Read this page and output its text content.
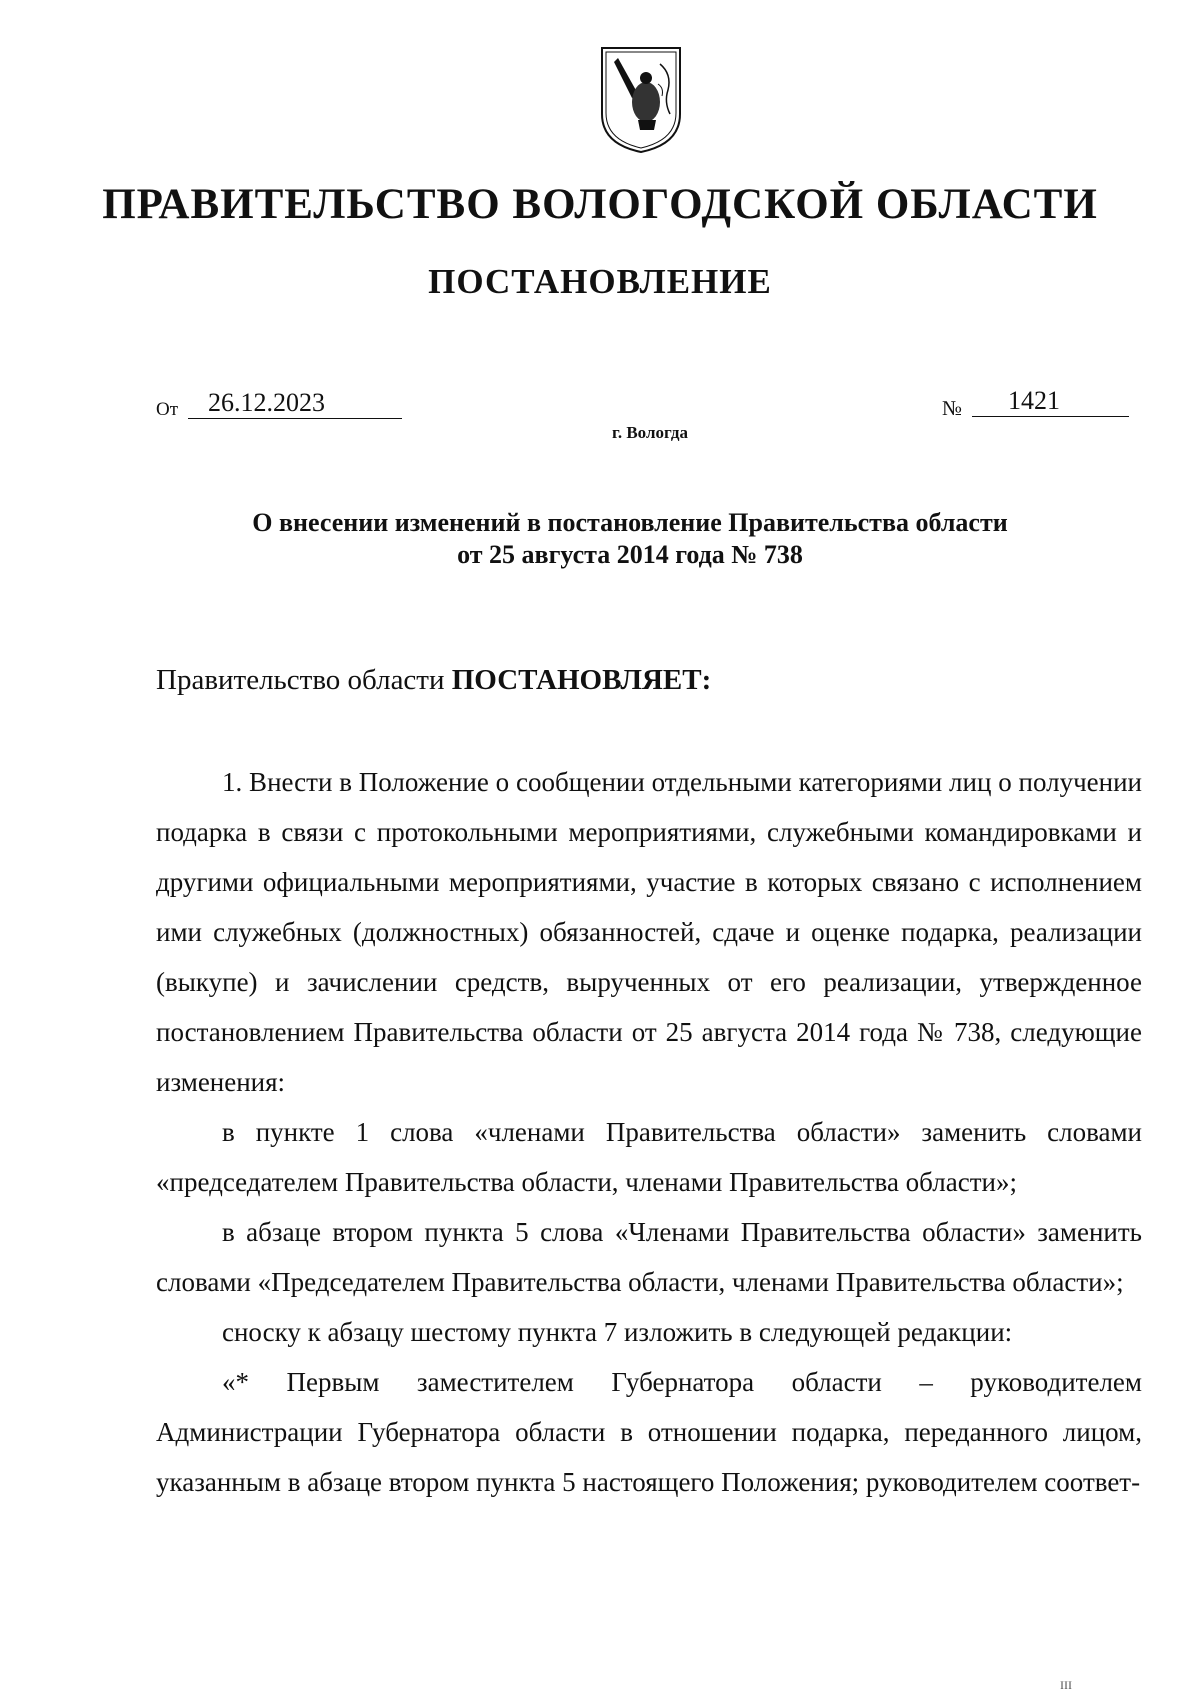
ПРАВИТЕЛЬСТВО ВОЛОГОДСКОЙ ОБЛАСТИ
ПОСТАНОВЛЕНИЕ
От	26.12.2023	№	1421
г. Вологда
О внесении изменений в постановление Правительства области
от 25 августа 2014 года № 738
Правительство области ПОСТАНОВЛЯЕТ:

1. Внести в Положение о сообщении отдельными категориями лиц о получении подарка в связи с протокольными мероприятиями, служебными командировками и другими официальными мероприятиями, участие в которых связано с исполнением ими служебных (должностных) обязанностей, сдаче и оценке подарка, реализации (выкупе) и зачислении средств, вырученных от его реализации, утвержденное постановлением Правительства области от 25 августа 2014 года № 738, следующие изменения:

в пункте 1 слова «членами Правительства области» заменить словами «председателем Правительства области, членами Правительства области»;

в абзаце втором пункта 5 слова «Членами Правительства области» заменить словами «Председателем Правительства области, членами Правительства области»;

сноску к абзацу шестому пункта 7 изложить в следующей редакции:

«* Первым заместителем Губернатора области – руководителем Администрации Губернатора области в отношении подарка, переданного лицом, указанным в абзаце втором пункта 5 настоящего Положения; руководителем соответ-

III
